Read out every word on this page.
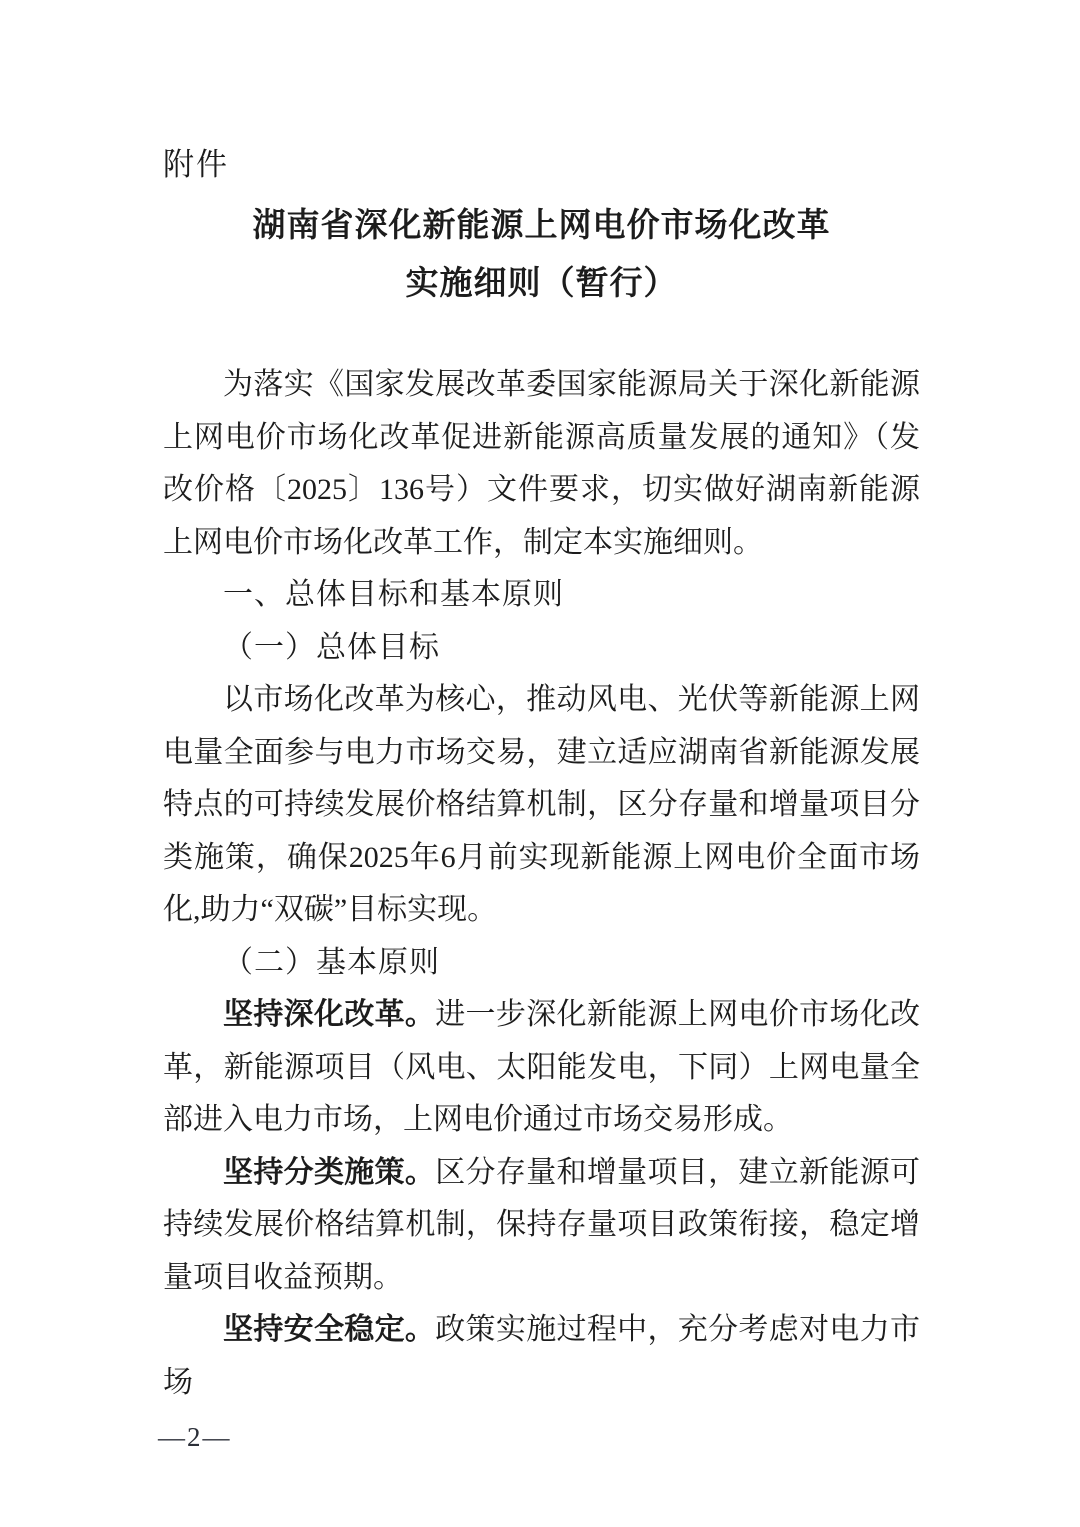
附件
湖南省深化新能源上网电价市场化改革
实施细则（暂行）

为落实《国家发展改革委国家能源局关于深化新能源上网电价市场化改革促进新能源高质量发展的通知》（发改价格〔2025〕136号）文件要求，切实做好湖南新能源上网电价市场化改革工作，制定本实施细则。

一、总体目标和基本原则
（一）总体目标

以市场化改革为核心，推动风电、光伏等新能源上网电量全面参与电力市场交易，建立适应湖南省新能源发展特点的可持续发展价格结算机制，区分存量和增量项目分类施策，确保2025年6月前实现新能源上网电价全面市场化,助力“双碳”目标实现。

（二）基本原则

坚持深化改革。进一步深化新能源上网电价市场化改革，新能源项目（风电、太阳能发电，下同）上网电量全部进入电力市场，上网电价通过市场交易形成。

坚持分类施策。区分存量和增量项目，建立新能源可持续发展价格结算机制，保持存量项目政策衔接，稳定增量项目收益预期。

坚持安全稳定。政策实施过程中，充分考虑对电力市场

—2—
